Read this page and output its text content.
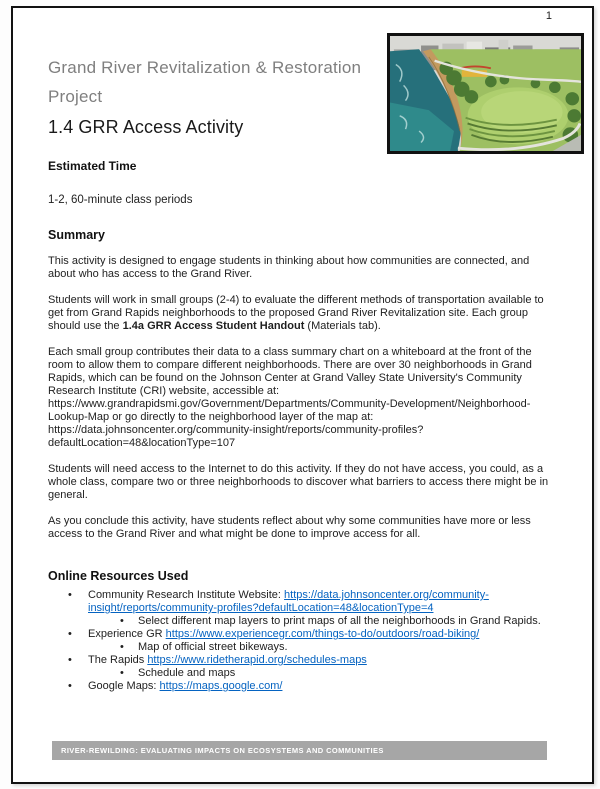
1
Grand River Revitalization & Restoration Project
1.4 GRR Access Activity
Estimated Time
1-2, 60-minute class periods
Summary

This activity is designed to engage students in thinking about how communities are connected, and about who has access to the Grand River.

Students will work in small groups (2-4) to evaluate the different methods of transportation available to get from Grand Rapids neighborhoods to the proposed Grand River Revitalization site. Each group should use the 1.4a GRR Access Student Handout (Materials tab).

Each small group contributes their data to a class summary chart on a whiteboard at the front of the room to allow them to compare different neighborhoods. There are over 30 neighborhoods in Grand Rapids, which can be found on the Johnson Center at Grand Valley State University's Community Research Institute (CRI) website, accessible at: https://www.grandrapidsmi.gov/Government/Departments/Community-Development/Neighborhood-Lookup-Map or go directly to the neighborhood layer of the map at: https://data.johnsoncenter.org/community-insight/reports/community-profiles?defaultLocation=48&locationType=107

Students will need access to the Internet to do this activity. If they do not have access, you could, as a whole class, compare two or three neighborhoods to discover what barriers to access there might be in general.

As you conclude this activity, have students reflect about why some communities have more or less access to the Grand River and what might be done to improve access for all.

Online Resources Used
• Community Research Institute Website: https://data.johnsoncenter.org/community-insight/reports/community-profiles?defaultLocation=48&locationType=4
• Select different map layers to print maps of all the neighborhoods in Grand Rapids.
• Experience GR https://www.experiencegr.com/things-to-do/outdoors/road-biking/
• Map of official street bikeways.
• The Rapids https://www.ridetherapid.org/schedules-maps
• Schedule and maps
• Google Maps: https://maps.google.com/
RIVER-REWILDING: EVALUATING IMPACTS ON ECOSYSTEMS AND COMMUNITIES
